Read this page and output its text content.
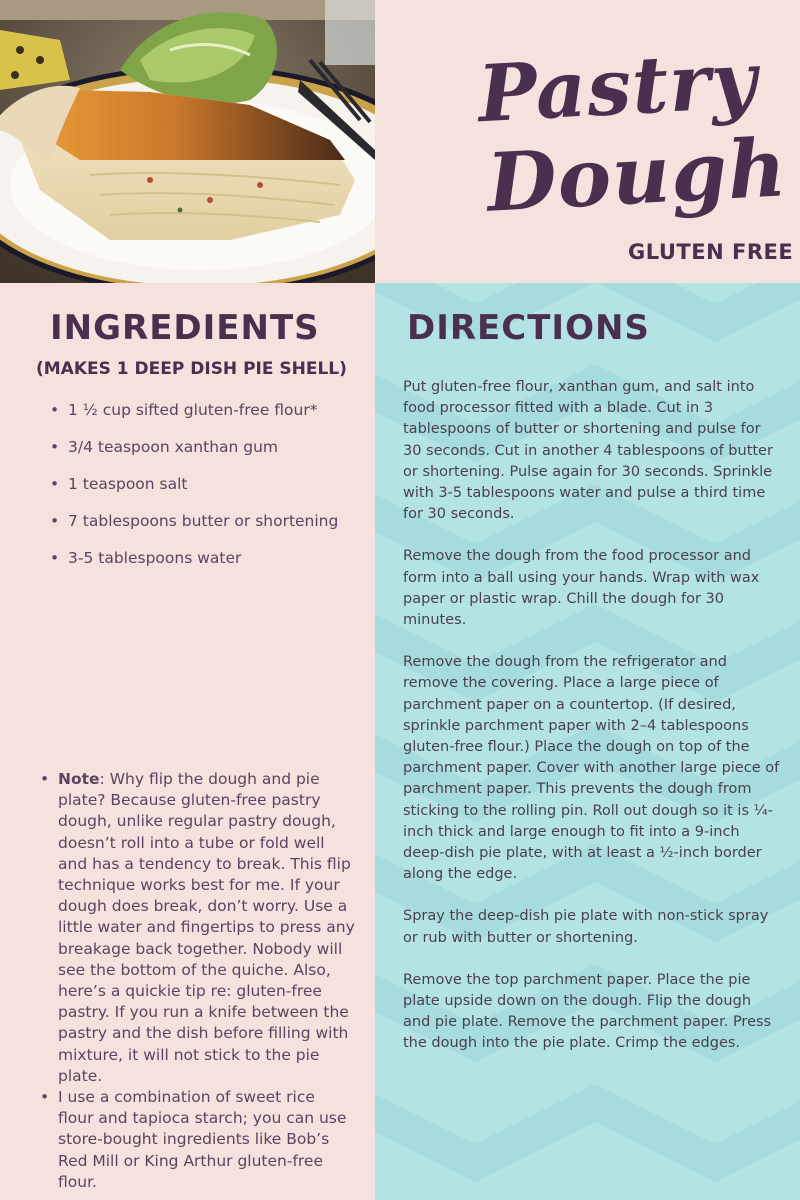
Pastry
Dough
GLUTEN FREE
INGREDIENTS
(MAKES 1 DEEP DISH PIE SHELL)
• 1 ½ cup sifted gluten-free flour*
• 3/4 teaspoon xanthan gum
• 1 teaspoon salt
• 7 tablespoons butter or shortening
• 3-5 tablespoons water
• Note: Why flip the dough and pie plate? Because gluten-free pastry dough, unlike regular pastry dough, doesn’t roll into a tube or fold well and has a tendency to break. This flip technique works best for me. If your dough does break, don’t worry. Use a little water and fingertips to press any breakage back together. Nobody will see the bottom of the quiche. Also, here’s a quickie tip re: gluten-free pastry. If you run a knife between the pastry and the dish before filling with mixture, it will not stick to the pie plate.
• I use a combination of sweet rice flour and tapioca starch; you can use store-bought ingredients like Bob’s Red Mill or King Arthur gluten-free flour.
DIRECTIONS

Put gluten-free flour, xanthan gum, and salt into food processor fitted with a blade. Cut in 3 tablespoons of butter or shortening and pulse for 30 seconds. Cut in another 4 tablespoons of butter or shortening. Pulse again for 30 seconds. Sprinkle with 3-5 tablespoons water and pulse a third time for 30 seconds.

Remove the dough from the food processor and form into a ball using your hands. Wrap with wax paper or plastic wrap. Chill the dough for 30 minutes.

Remove the dough from the refrigerator and remove the covering. Place a large piece of parchment paper on a countertop. (If desired, sprinkle parchment paper with 2–4 tablespoons gluten-free flour.) Place the dough on top of the parchment paper. Cover with another large piece of parchment paper. This prevents the dough from sticking to the rolling pin. Roll out dough so it is ¼-inch thick and large enough to fit into a 9-inch deep-dish pie plate, with at least a ½-inch border along the edge.

Spray the deep-dish pie plate with non-stick spray or rub with butter or shortening.

Remove the top parchment paper. Place the pie plate upside down on the dough. Flip the dough and pie plate. Remove the parchment paper. Press the dough into the pie plate. Crimp the edges.
